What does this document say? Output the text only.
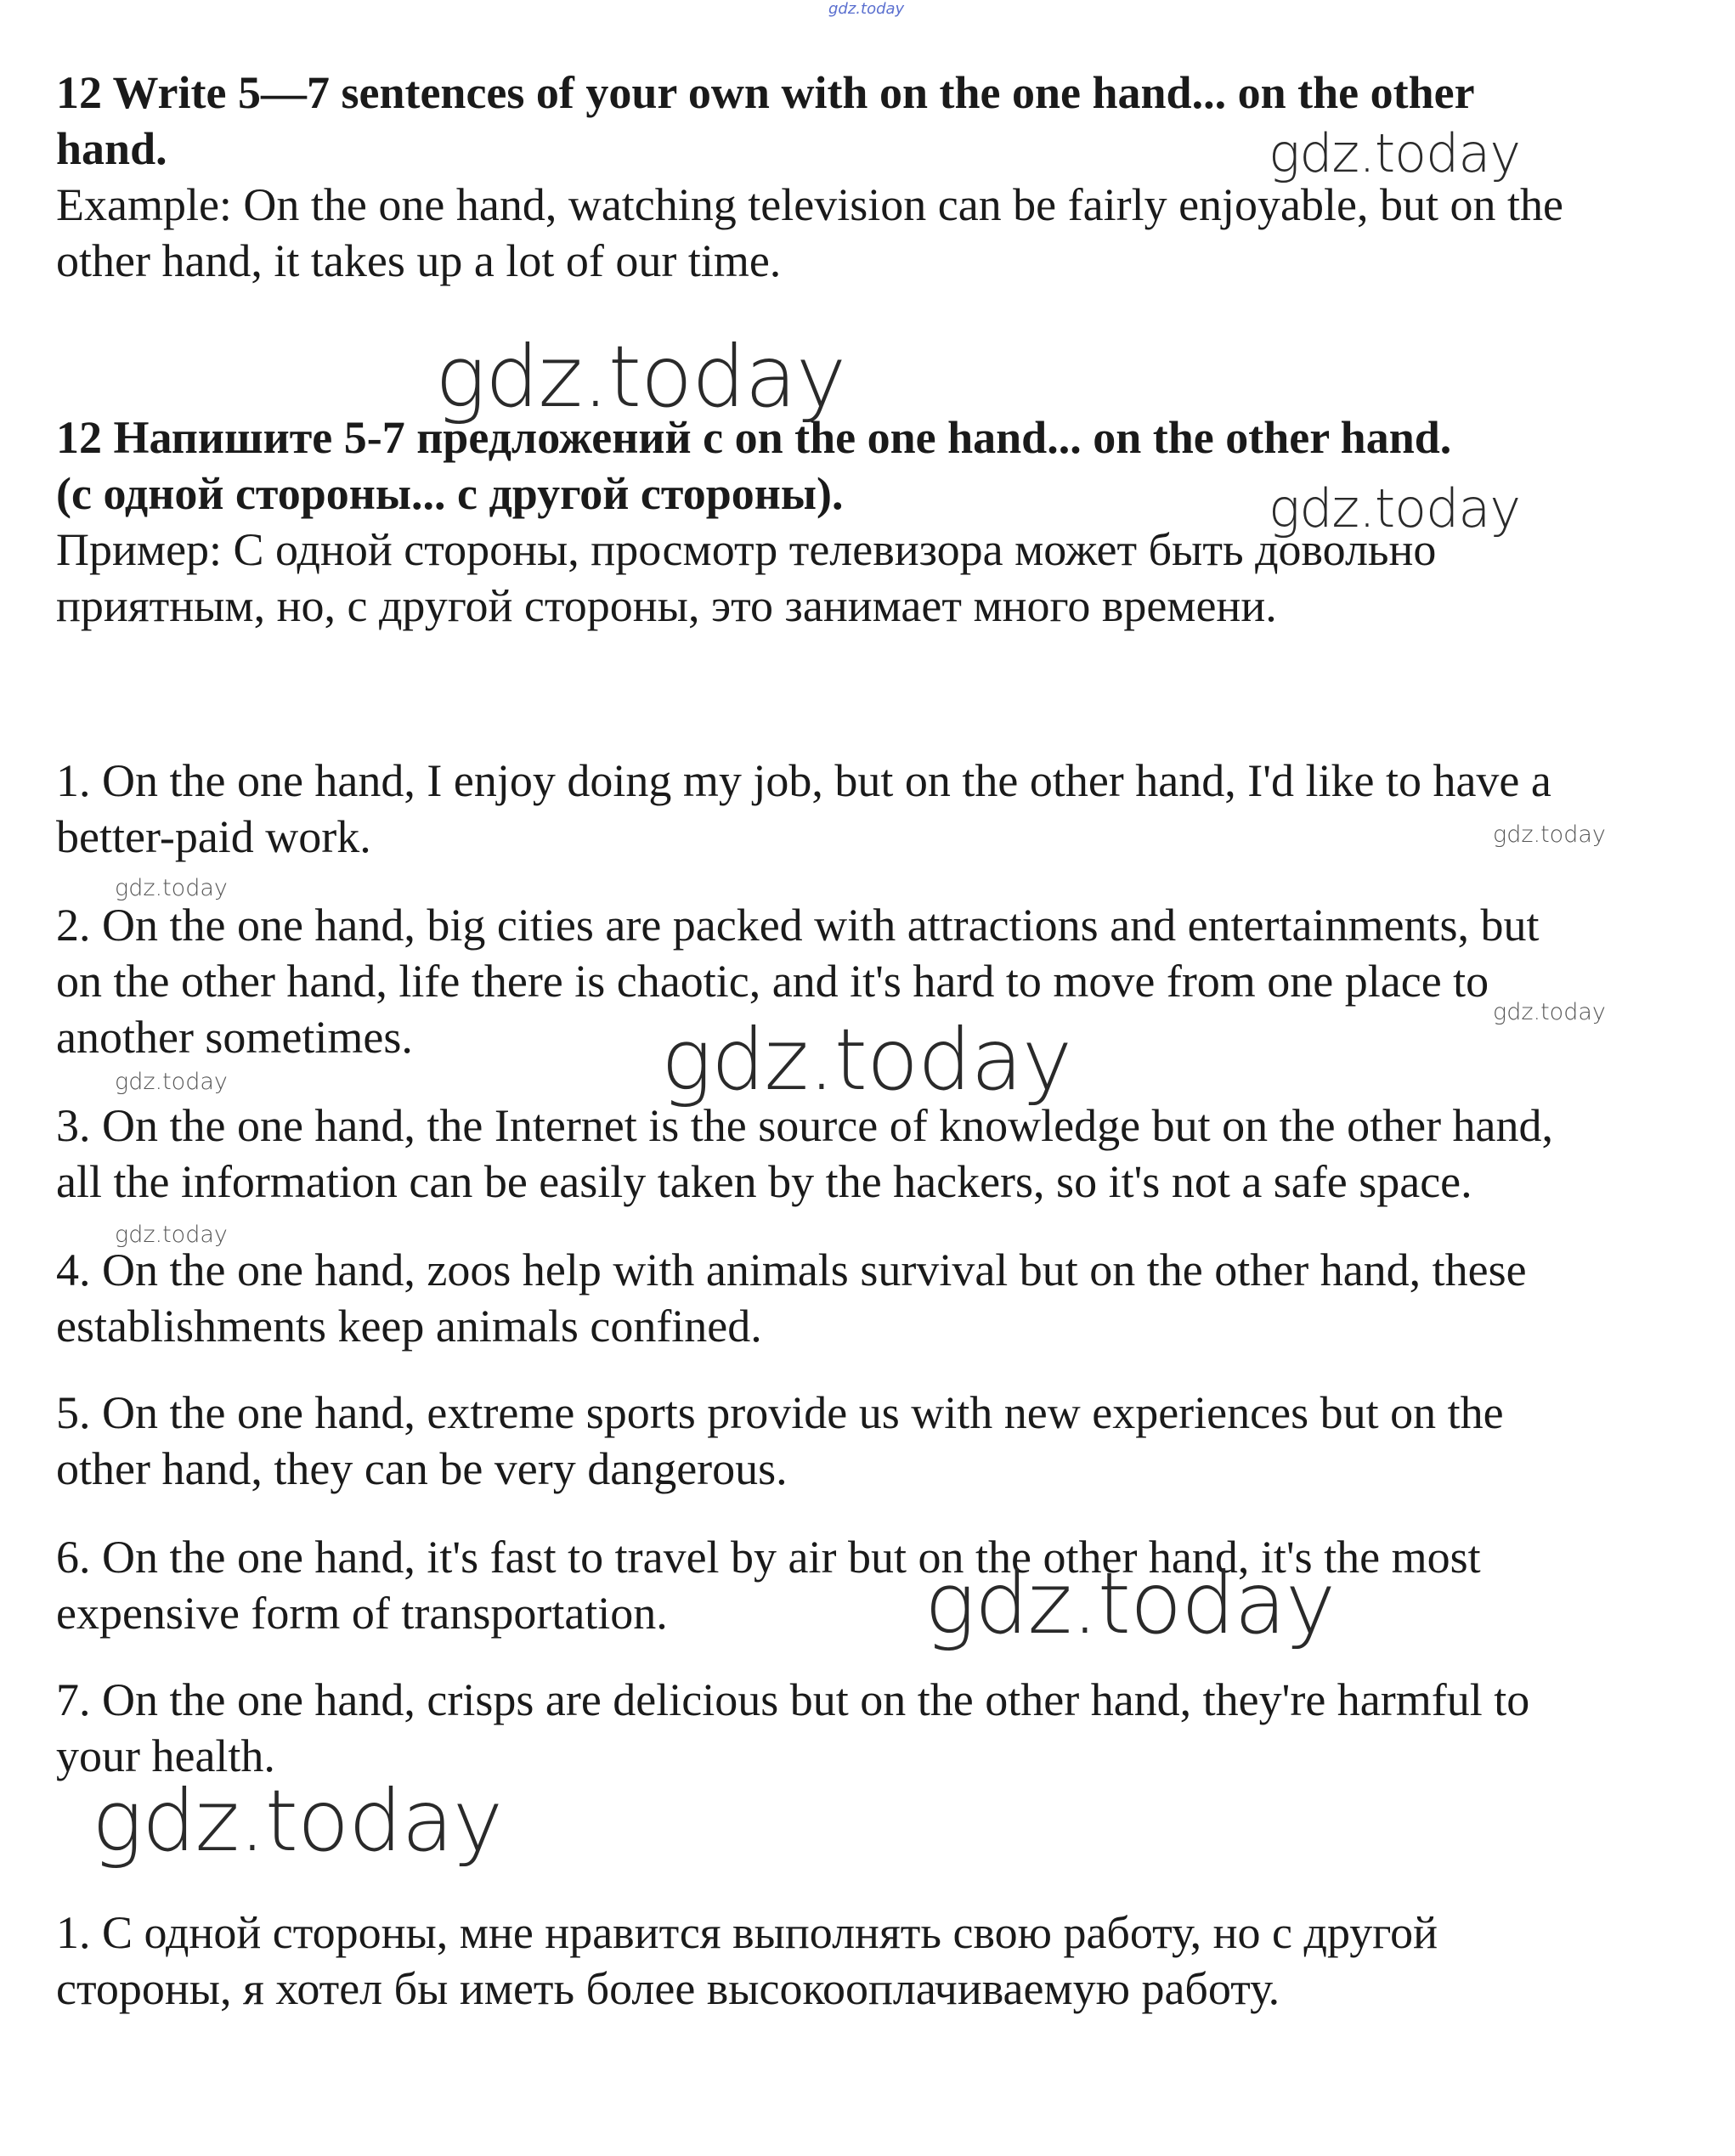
gdz.today
12 Write 5—7 sentences of your own with on the one hand... on the other
hand.	gdz.today
Example: On the one hand, watching television can be fairly enjoyable, but on the
other hand, it takes up a lot of our time.
gdz.today
12 Напишите 5-7 предложений с on the one hand... on the other hand.
(с одной стороны... с другой стороны).	gdz.today
Пример: С одной стороны, просмотр телевизора может быть довольно
приятным, но, с другой стороны, это занимает много времени.
1. On the one hand, I enjoy doing my job, but on the other hand, I'd like to have a
better-paid work.	gdz.today
gdz.today
2. On the one hand, big cities are packed with attractions and entertainments, but
on the other hand, life there is chaotic, and it's hard to move from one place to
gdz.today
another sometimes.	gdz.today
gdz.today
3. On the one hand, the Internet is the source of knowledge but on the other hand,
all the information can be easily taken by the hackers, so it's not a safe space.
gdz.today
4. On the one hand, zoos help with animals survival but on the other hand, these
establishments keep animals confined.
5. On the one hand, extreme sports provide us with new experiences but on the
other hand, they can be very dangerous.
6. On the one hand, it's fast to travel by air but on the other hand, it's the most
gdz.today
expensive form of transportation.
7. On the one hand, crisps are delicious but on the other hand, they're harmful to
your health.
gdz.today
1. С одной стороны, мне нравится выполнять свою работу, но с другой
стороны, я хотел бы иметь более высокооплачиваемую работу.
